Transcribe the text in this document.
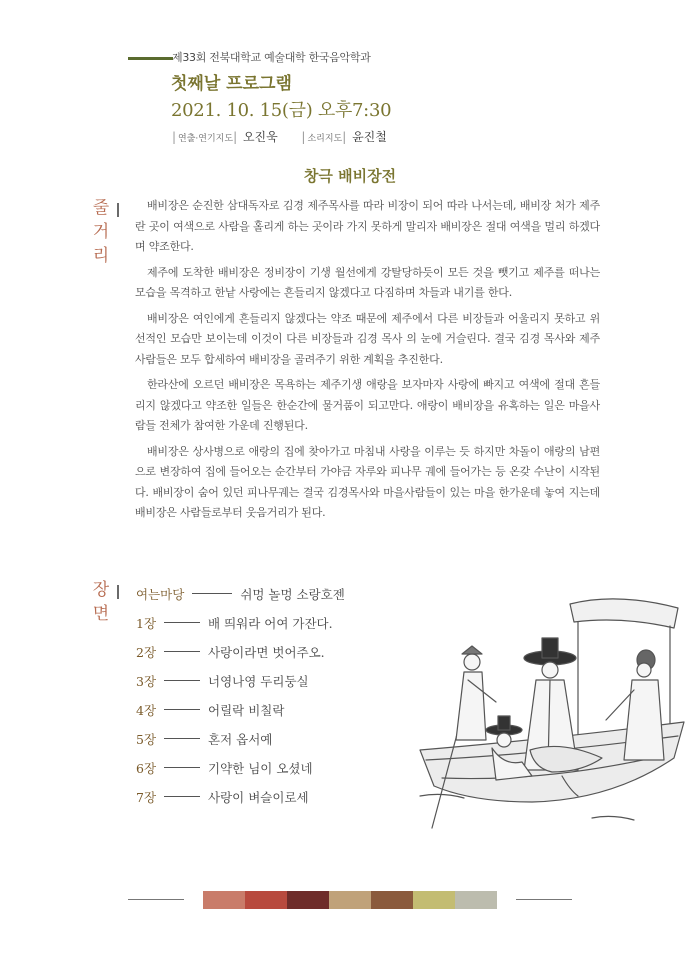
제33회 전북대학교 예술대학 한국음악학과
첫째날 프로그램
2021. 10. 15(금) 오후7:30
| 연출·연기지도| 오진욱 | 소리지도| 윤진철
창극 배비장전
줄
거
리

배비장은 순진한 삼대독자로 김경 제주목사를 따라 비장이 되어 따라 나서는데, 배비장 처가 제주란 곳이 여색으로 사람을 홀리게 하는 곳이라 가지 못하게 말리자 배비장은 절대 여색을 멀리 하겠다며 약조한다.

제주에 도착한 배비장은 정비장이 기생 월선에게 강탈당하듯이 모든 것을 뺏기고 제주를 떠나는 모습을 목격하고 한낱 사랑에는 흔들리지 않겠다고 다짐하며 차들과 내기를 한다.

배비장은 여인에게 흔들리지 않겠다는 약조 때문에 제주에서 다른 비장들과 어울리지 못하고 위선적인 모습만 보이는데 이것이 다른 비장들과 김경 목사 의 눈에 거슬린다. 결국 김경 목사와 제주 사람들은 모두 합세하여 배비장을 골려주기 위한 계획을 추진한다.

한라산에 오르던 배비장은 목욕하는 제주기생 애랑을 보자마자 사랑에 빠지고 여색에 절대 흔들리지 않겠다고 약조한 일들은 한순간에 물거품이 되고만다. 애랑이 배비장을 유혹하는 일은 마을사람들 전체가 참여한 가운데 진행된다.

배비장은 상사병으로 애랑의 집에 찾아가고 마침내 사랑을 이루는 듯 하지만 차돌이 애랑의 남편으로 변장하여 집에 들어오는 순간부터 가야금 자루와 피나무 궤에 들어가는 등 온갖 수난이 시작된다. 배비장이 숨어 있던 피나무궤는 결국 김경목사와 마을사람들이 있는 마을 한가운데 놓여 지는데 배비장은 사람들로부터 웃음거리가 된다.

장
면
여는마당	쉬멍 놀멍 소랑호젠
1장	배 띄워라 어여 가잔다.
2장	사랑이라면 벗어주오.
3장	너영나영 두리둥실
4장	어릴락 비칠락
5장	혼저 옵서예
6장	기약한 님이 오셨네
7장	사랑이 벼슬이로세
